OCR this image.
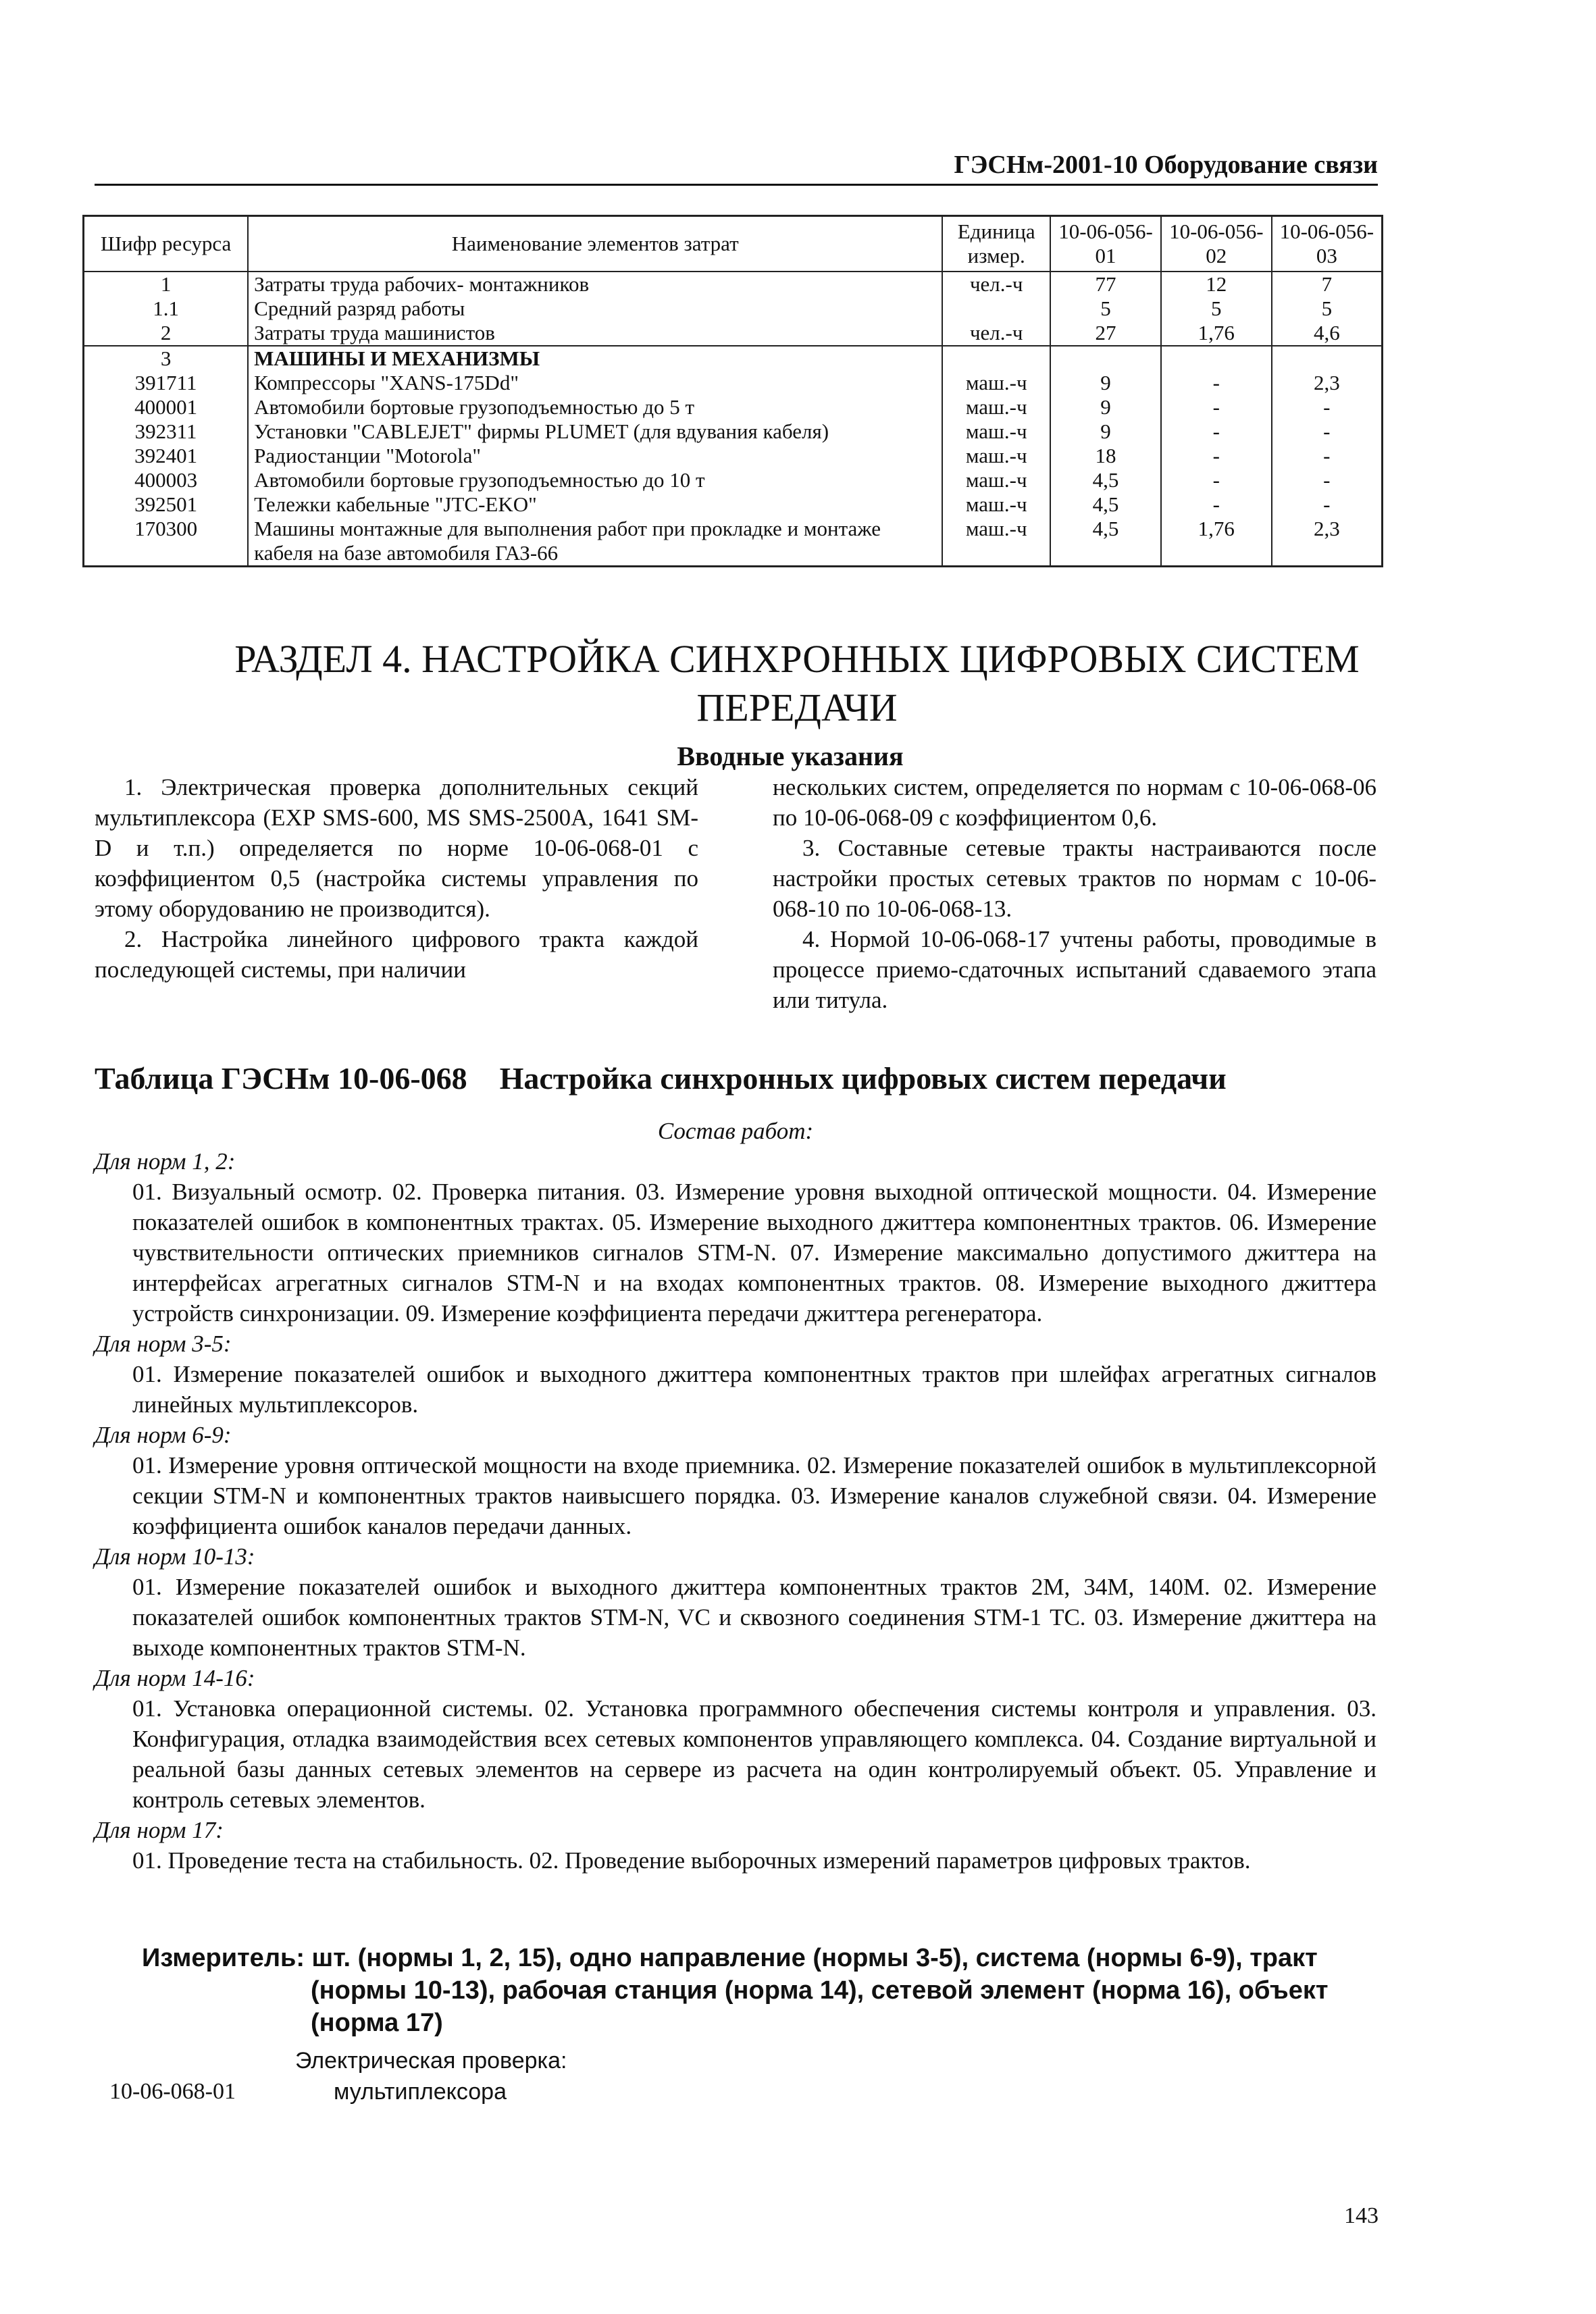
ГЭСНм-2001-10 Оборудование связи
Шифр ресурса	Наименование элементов затрат	Единица измер.	10-06-056-01	10-06-056-02	10-06-056-03
1	Затраты труда рабочих- монтажников	чел.-ч	77	12	7
1.1	Средний разряд работы		5	5	5
2	Затраты труда машинистов	чел.-ч	27	1,76	4,6
3	МАШИНЫ И МЕХАНИЗМЫ				
391711	Компрессоры "XANS-175Dd"	маш.-ч	9	-	2,3
400001	Автомобили бортовые грузоподъемностью до 5 т	маш.-ч	9	-	-
392311	Установки "CABLEJET" фирмы PLUMET (для вдувания кабеля)	маш.-ч	9	-	-
392401	Радиостанции "Motorola"	маш.-ч	18	-	-
400003	Автомобили бортовые грузоподъемностью до 10 т	маш.-ч	4,5	-	-
392501	Тележки кабельные "JTC-EKO"	маш.-ч	4,5	-	-
170300	Машины монтажные для выполнения работ при прокладке и монтаже кабеля на базе автомобиля ГАЗ-66	маш.-ч	4,5	1,76	2,3
РАЗДЕЛ 4. НАСТРОЙКА СИНХРОННЫХ ЦИФРОВЫХ СИСТЕМ
ПЕРЕДАЧИ
Вводные указания

1. Электрическая проверка дополнительных секций мультиплексора (EXP SMS-600, MS SMS-2500A, 1641 SM-D и т.п.) определяется по норме 10-06-068-01 с коэффициентом 0,5 (настройка системы управления по этому оборудованию не производится).

2. Настройка линейного цифрового тракта каждой последующей системы, при наличии

нескольких систем, определяется по нормам с 10-06-068-06 по 10-06-068-09 с коэффициентом 0,6.

3. Составные сетевые тракты настраиваются после настройки простых сетевых трактов по нормам с 10-06-068-10 по 10-06-068-13.

4. Нормой 10-06-068-17 учтены работы, проводимые в процессе приемо-сдаточных испытаний сдаваемого этапа или титула.

Таблица ГЭСНм 10-06-068 Настройка синхронных цифровых систем передачи
Состав работ:
Для норм 1, 2:

01. Визуальный осмотр. 02. Проверка питания. 03. Измерение уровня выходной оптической мощности. 04. Измерение показателей ошибок в компонентных трактах. 05. Измерение выходного джиттера компонентных трактов. 06. Измерение чувствительности оптических приемников сигналов STM-N. 07. Измерение максимально допустимого джиттера на интерфейсах агрегатных сигналов STM-N и на входах компонентных трактов. 08. Измерение выходного джиттера устройств синхронизации. 09. Измерение коэффициента передачи джиттера регенератора.

Для норм 3-5:

01. Измерение показателей ошибок и выходного джиттера компонентных трактов при шлейфах агрегатных сигналов линейных мультиплексоров.

Для норм 6-9:

01. Измерение уровня оптической мощности на входе приемника. 02. Измерение показателей ошибок в мультиплексорной секции STM-N и компонентных трактов наивысшего порядка. 03. Измерение каналов служебной связи. 04. Измерение коэффициента ошибок каналов передачи данных.

Для норм 10-13:

01. Измерение показателей ошибок и выходного джиттера компонентных трактов 2M, 34M, 140M. 02. Измерение показателей ошибок компонентных трактов STM-N, VC и сквозного соединения STM-1 TC. 03. Измерение джиттера на выходе компонентных трактов STM-N.

Для норм 14-16:

01. Установка операционной системы. 02. Установка программного обеспечения системы контроля и управления. 03. Конфигурация, отладка взаимодействия всех сетевых компонентов управляющего комплекса. 04. Создание виртуальной и реальной базы данных сетевых элементов на сервере из расчета на один контролируемый объект. 05. Управление и контроль сетевых элементов.

Для норм 17:

01. Проведение теста на стабильность. 02. Проведение выборочных измерений параметров цифровых трактов.

Измеритель: шт. (нормы 1, 2, 15), одно направление (нормы 3-5), система (нормы 6-9), тракт
(нормы 10-13), рабочая станция (норма 14), сетевой элемент (норма 16), объект
(норма 17)
Электрическая проверка:
10-06-068-01	мультиплексора
143
